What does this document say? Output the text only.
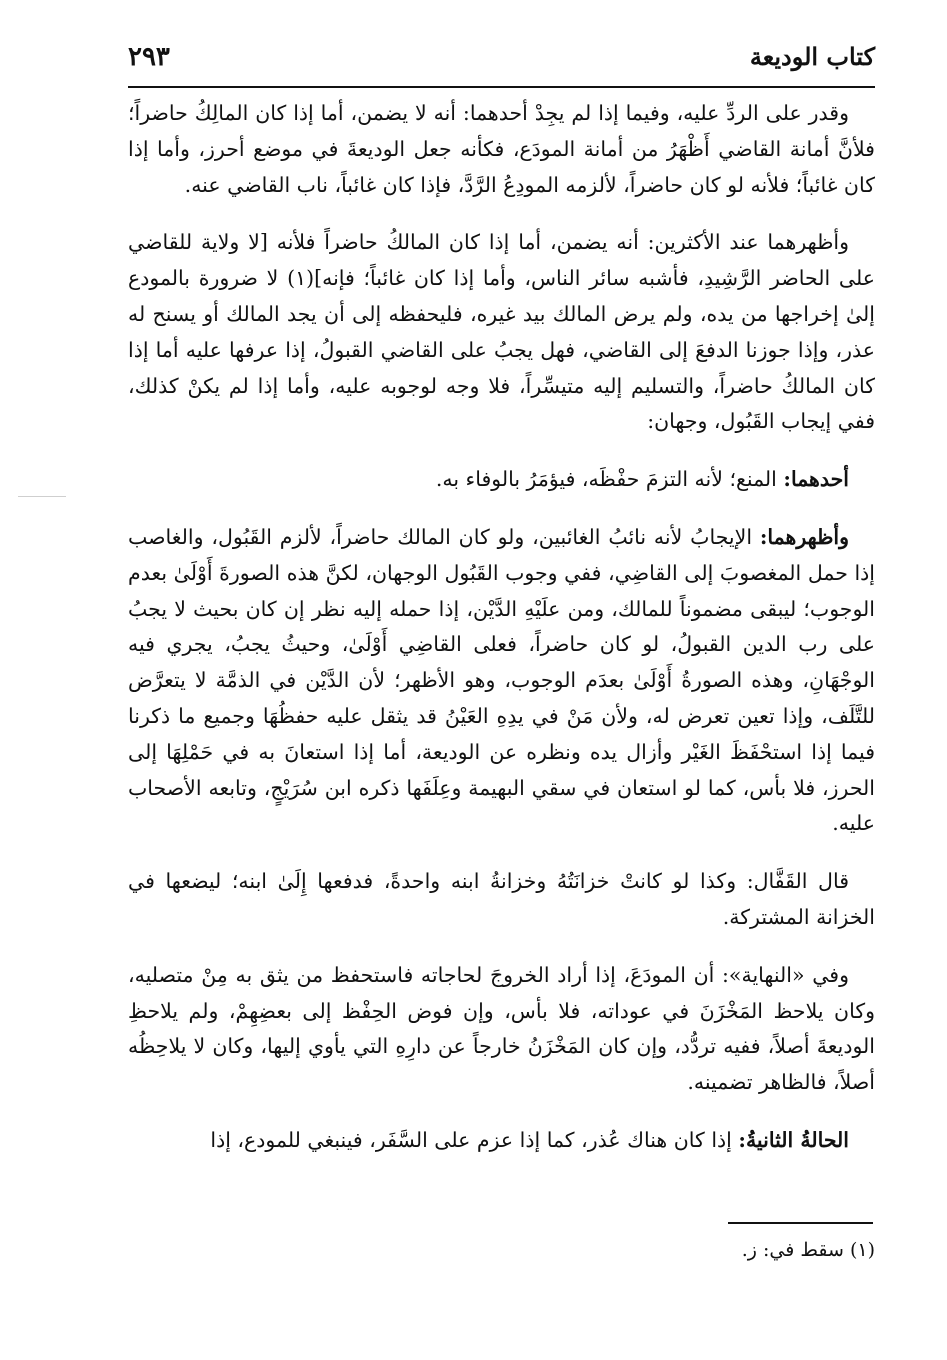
كتاب الوديعة
٢٩٣

وقدر على الردِّ عليه، وفيما إذا لم يجِدْ أحدهما: أنه لا يضمن، أما إذا كان المالِكُ حاضراً؛ فلأنَّ أمانة القاضي أَظْهَرُ من أمانة المودَع، فكأنه جعل الوديعةَ في موضع أحرز، وأما إذا كان غائباً؛ فلأنه لو كان حاضراً، لألزمه المودِعُ الرَّدَّ، فإذا كان غائباً، ناب القاضي عنه.

وأظهرهما عند الأكثرين: أنه يضمن، أما إذا كان المالكُ حاضراً فلأنه [لا ولاية للقاضي على الحاضر الرَّشِيدِ، فأشبه سائر الناس، وأما إذا كان غائباً؛ فإنه](١) لا ضرورة بالمودع إلىٰ إخراجها من يده، ولم يرض المالك بيد غيره، فليحفظه إلى أن يجد المالك أو يسنح له عذر، وإذا جوزنا الدفعَ إلى القاضي، فهل يجبُ على القاضي القبولُ، إذا عرفها عليه أما إذا كان المالكُ حاضراً، والتسليم إليه متيسِّراً، فلا وجه لوجوبه عليه، وأما إذا لم يكنْ كذلك، ففي إيجاب القَبُول، وجهان:

أحدهما: المنع؛ لأنه التزمَ حفْظَه، فيؤمَرُ بالوفاء به.

وأظهرهما: الإيجابُ لأنه نائبُ الغائبين، ولو كان المالك حاضراً، لألزم القَبُول، والغاصب إذا حمل المغصوبَ إلى القاضِي، ففي وجوب القَبُول الوجهان، لكنَّ هذه الصورةَ أَوْلَىٰ بعدم الوجوب؛ ليبقى مضموناً للمالك، ومن علَيْهِ الدَّيْن، إذا حمله إليه نظر إن كان بحيث لا يجبُ على رب الدين القبولُ، لو كان حاضراً، فعلى القاضِي أَوْلَىٰ، وحيثُ يجبُ، يجري فيه الوجْهَانِ، وهذه الصورةُ أَوْلَىٰ بعدَم الوجوب، وهو الأظهر؛ لأن الدَّيْن في الذمَّة لا يتعرَّض للتَّلَف، وإذا تعين تعرض له، ولأن مَنْ في يدِهِ العَيْنُ قد يثقل عليه حفظُهَا وجميع ما ذكرنا فيما إذا استحْفَظَ الغَيْر وأزال يده ونظره عن الوديعة، أما إذا استعانَ به في حَمْلِهَا إلى الحرز، فلا بأس، كما لو استعان في سقي البهيمة وعِلَفَها ذكره ابن سُرَيْجٍ، وتابعه الأصحاب عليه.

قال القَفَّال: وكذا لو كانتْ خزانَتُهُ وخزانةُ ابنه واحدةً، فدفعها إِلَىٰ ابنه؛ ليضعها في الخزانة المشتركة.

وفي «النهاية»: أن المودَعَ، إذا أراد الخروجَ لحاجاته فاستحفظ من يثق به مِنْ متصليه، وكان يلاحظ المَخْزَنَ في عوداته، فلا بأس، وإن فوض الحِفْظ إلى بعضِهِمْ، ولم يلاحظِ الوديعةَ أصلاً، ففيه تردُّد، وإن كان المَخْزَنُ خارجاً عن دارِهِ التي يأوي إليها، وكان لا يلاحِظُه أصلاً، فالظاهر تضمينه.

الحالةُ الثانيةُ: إذا كان هناك عُذر، كما إذا عزم على السَّفَر، فينبغي للمودع، إذا

(١) سقط في: ز.
